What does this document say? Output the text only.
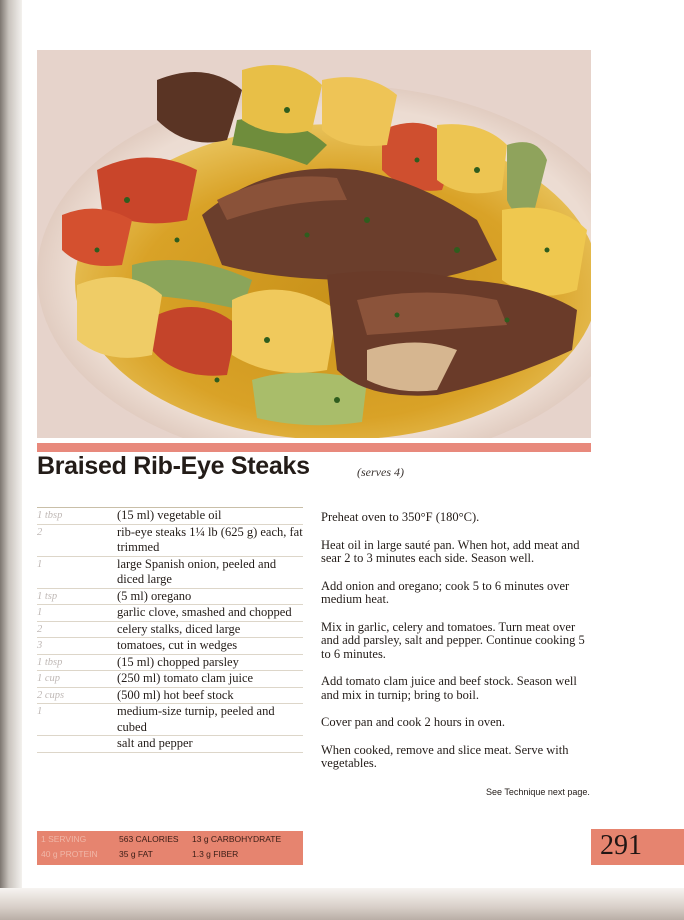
Braised Rib-Eye Steaks	(serves 4)
1 tbsp	(15 ml) vegetable oil
2	rib-eye steaks 1¼ lb (625 g) each, fat trimmed
1	large Spanish onion, peeled and diced large
1 tsp	(5 ml) oregano
1	garlic clove, smashed and chopped
2	celery stalks, diced large
3	tomatoes, cut in wedges
1 tbsp	(15 ml) chopped parsley
1 cup	(250 ml) tomato clam juice
2 cups	(500 ml) hot beef stock
1	medium-size turnip, peeled and cubed
salt and pepper

Preheat oven to 350°F (180°C).

Heat oil in large sauté pan. When hot, add meat and sear 2 to 3 minutes each side. Season well.

Add onion and oregano; cook 5 to 6 minutes over medium heat.

Mix in garlic, celery and tomatoes. Turn meat over and add parsley, salt and pepper. Continue cooking 5 to 6 minutes.

Add tomato clam juice and beef stock. Season well and mix in turnip; bring to boil.

Cover pan and cook 2 hours in oven.

When cooked, remove and slice meat. Serve with vegetables.

See Technique next page.
1 SERVING	563 CALORIES 13 g CARBOHYDRATE
40 g PROTEIN	35 g FAT	1.3 g FIBER	291
